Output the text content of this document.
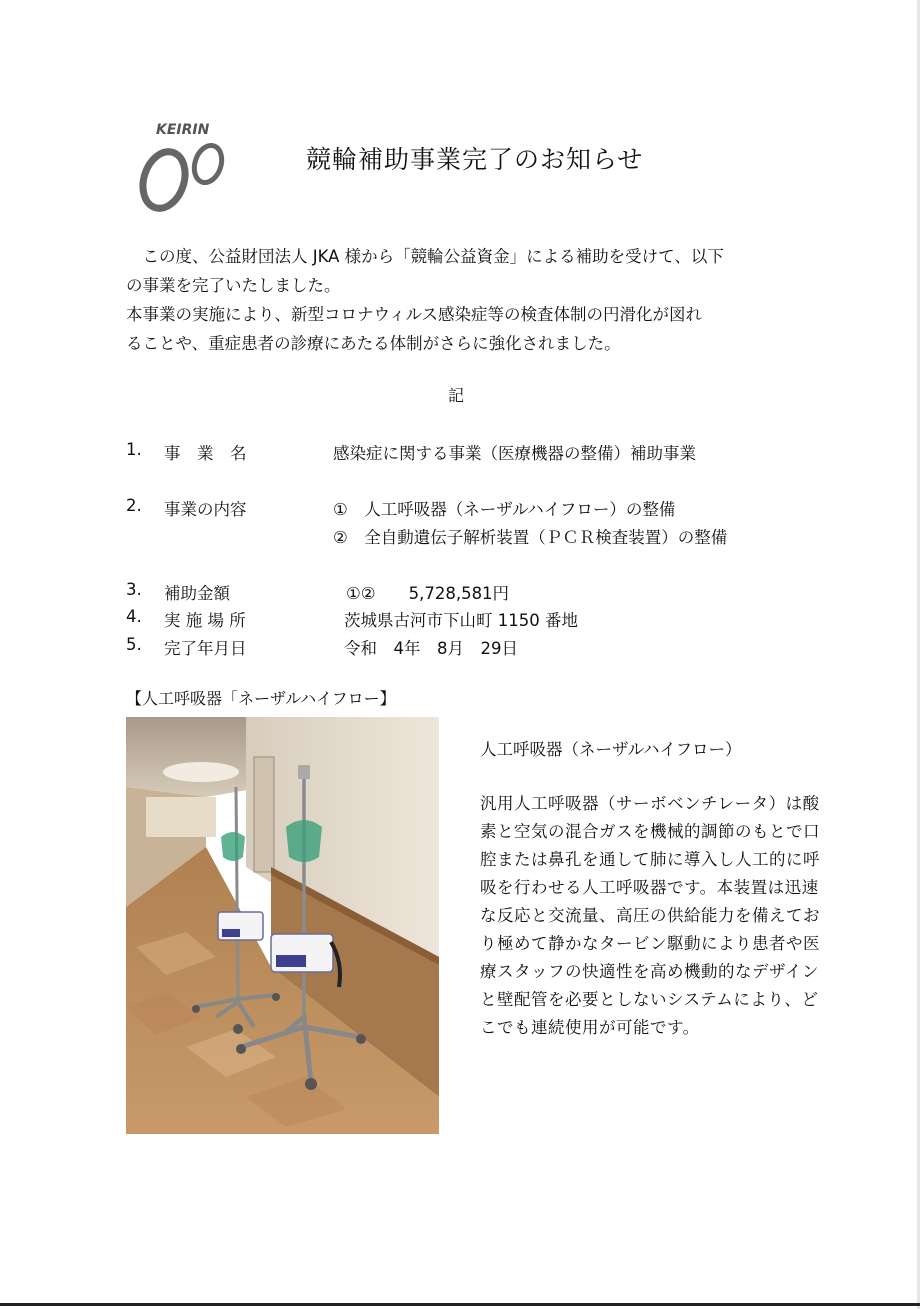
KEIRIN
競輪補助事業完了のお知らせ

　この度、公益財団法人 JKA 様から「競輪公益資金」による補助を受けて、以下

の事業を完了いたしました。

本事業の実施により、新型コロナウィルス感染症等の検査体制の円滑化が図れ

ることや、重症患者の診療にあたる体制がさらに強化されました。

記
1. 事　業　名	感染症に関する事業（医療機器の整備）補助事業
2. 事業の内容	①　人工呼吸器（ネーザルハイフロー）の整備
②　全自動遺伝子解析装置（ＰＣＲ検査装置）の整備
3. 補助金額	①②　　5,728,581円
4. 実 施 場 所	茨城県古河市下山町 1150 番地
5. 完了年月日	令和　4年　8月　29日
【人工呼吸器「ネーザルハイフロー】
人工呼吸器（ネーザルハイフロー）

汎用人工呼吸器（サーボベンチレータ）は酸

素と空気の混合ガスを機械的調節のもとで口

腔または鼻孔を通して肺に導入し人工的に呼

吸を行わせる人工呼吸器です。本装置は迅速

な反応と交流量、高圧の供給能力を備えてお

り極めて静かなタービン駆動により患者や医

療スタッフの快適性を高め機動的なデザイン

と壁配管を必要としないシステムにより、ど

こでも連続使用が可能です。
